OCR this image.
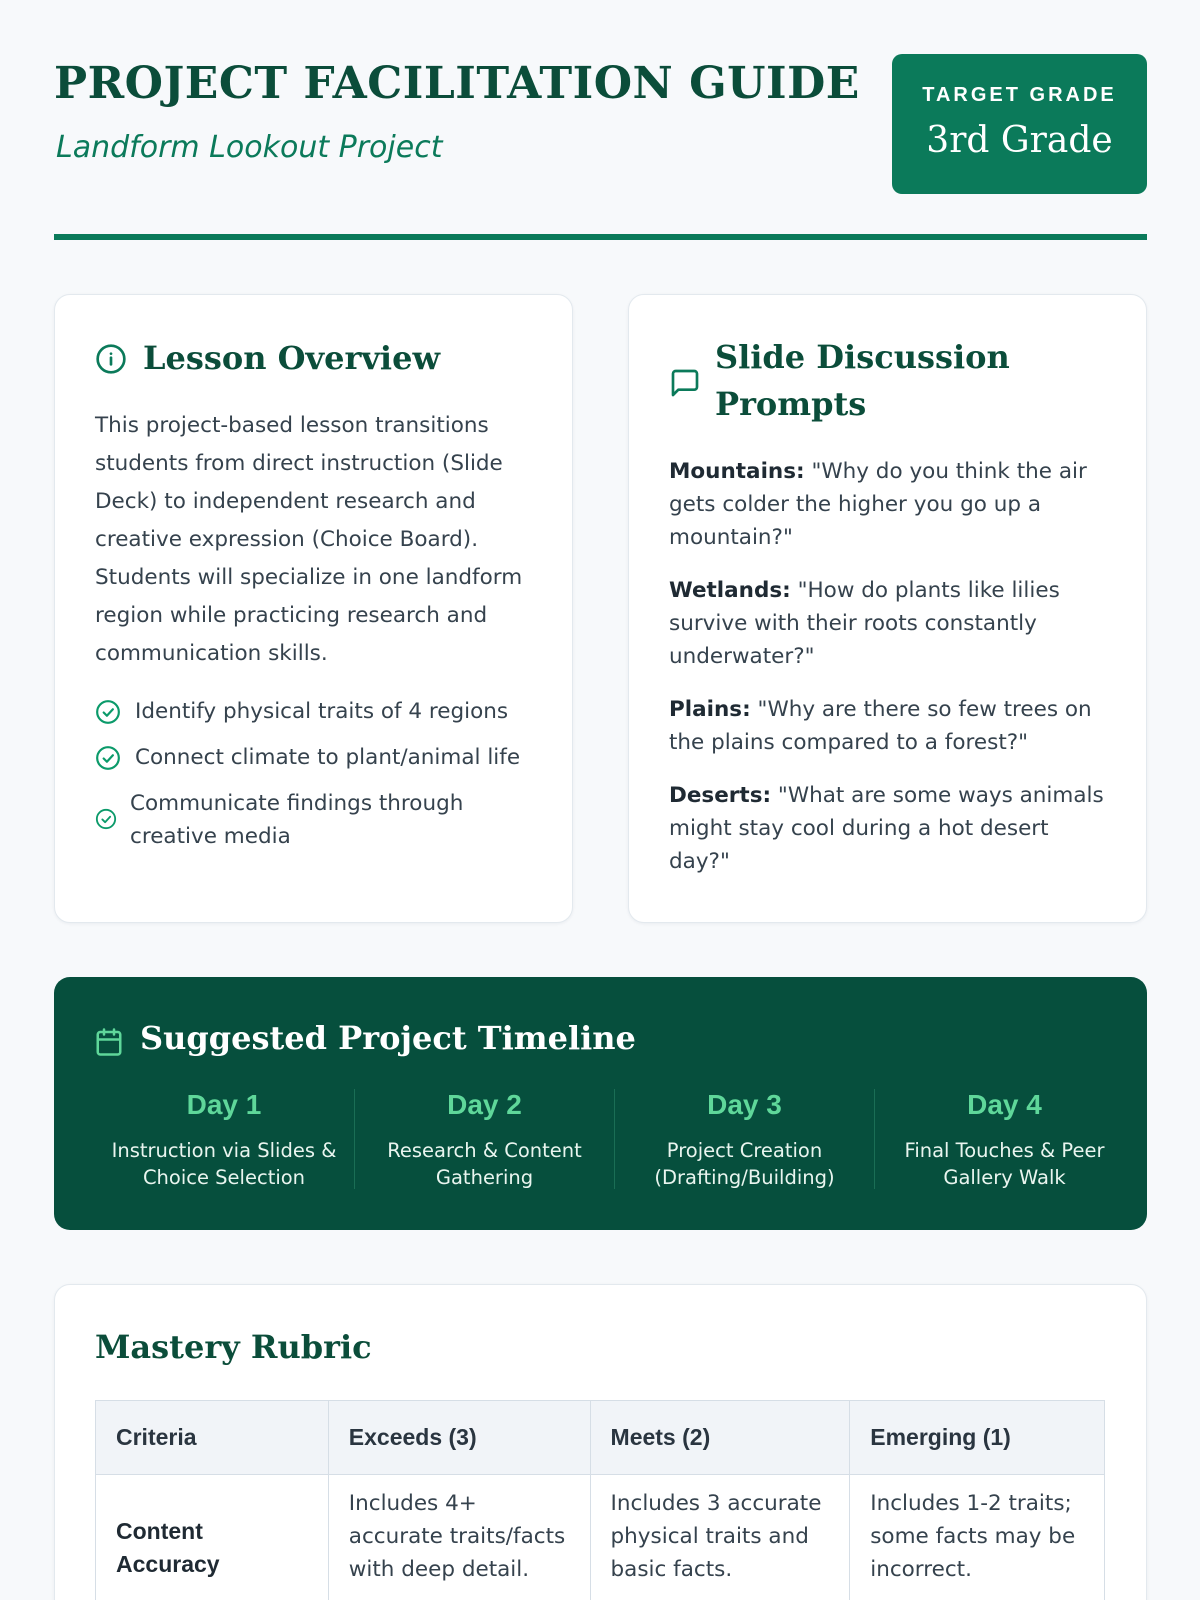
PROJECT FACILITATION GUIDE
Landform Lookout Project
TARGET GRADE
3rd Grade
Lesson Overview

This project-based lesson transitions students from direct instruction (Slide Deck) to independent research and creative expression (Choice Board). Students will specialize in one landform region while practicing research and communication skills.

Identify physical traits of 4 regions
Connect climate to plant/animal life
Communicate findings through creative media
Slide Discussion Prompts

Mountains: "Why do you think the air gets colder the higher you go up a mountain?"

Wetlands: "How do plants like lilies survive with their roots constantly underwater?"

Plains: "Why are there so few trees on the plains compared to a forest?"

Deserts: "What are some ways animals might stay cool during a hot desert day?"

Suggested Project Timeline
Day 1
Instruction via Slides & Choice Selection
Day 2
Research & Content Gathering
Day 3
Project Creation (Drafting/Building)
Day 4
Final Touches & Peer Gallery Walk
Mastery Rubric
Criteria	Exceeds (3)	Meets (2)	Emerging (1)
Content Accuracy	Includes 4+ accurate traits/facts with deep detail.	Includes 3 accurate physical traits and basic facts.	Includes 1-2 traits; some facts may be incorrect.
